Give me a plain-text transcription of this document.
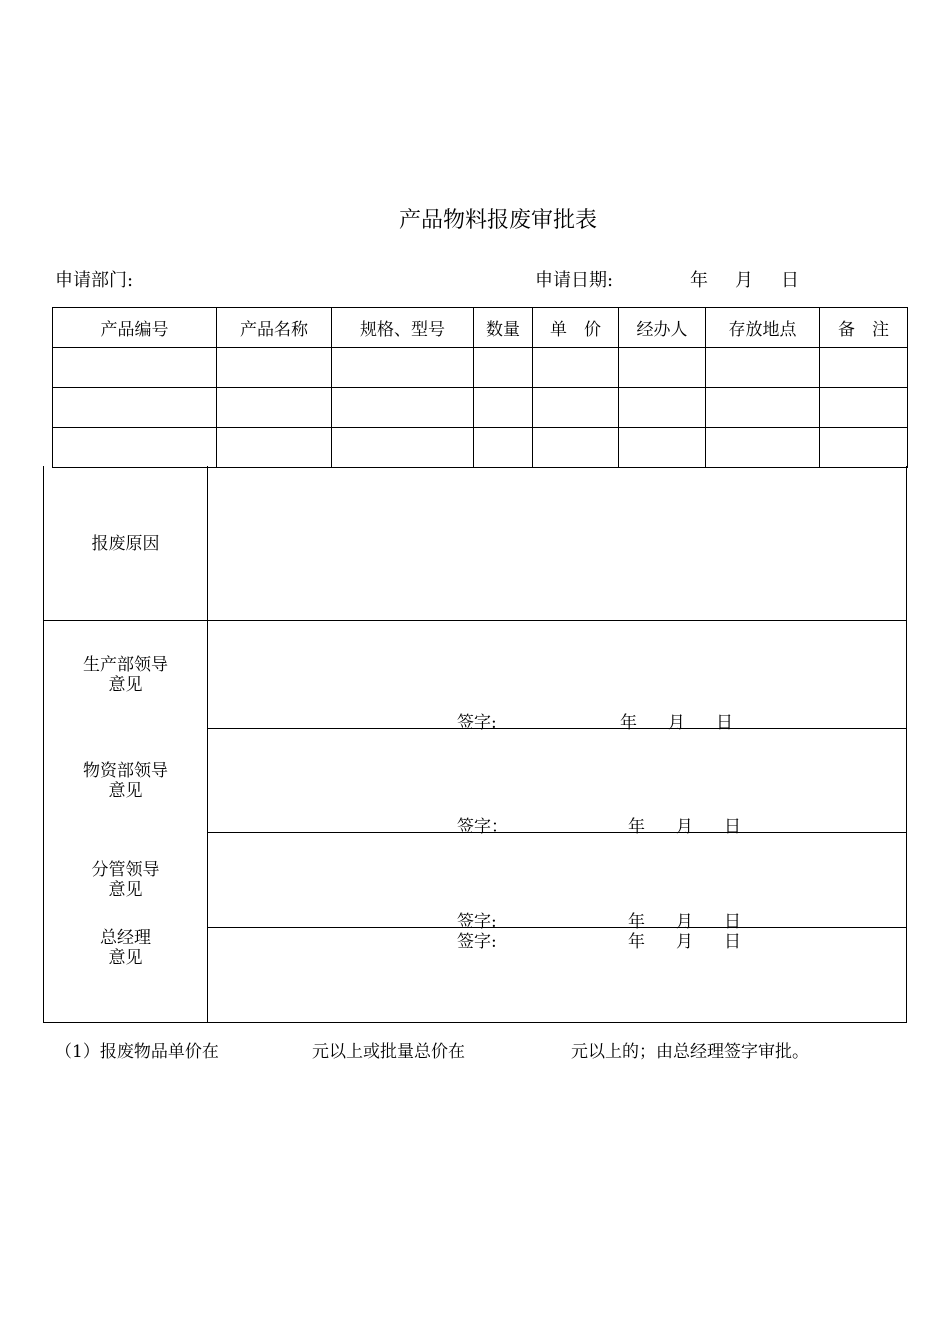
产品物料报废审批表
申请部门:	申请日期:	年 月 日
产品编号	产品名称	规格、型号	数量	单　价	经办人	存放地点	备　注

报废原因
生产部领导
意见
签字:	年 月 日
物资部领导
意见
签字：	年 月 日
分管领导
意见
签字:	年 月 日
总经理
意见
签字:	年 月 日
（1）报废物品单价在	元以上或批量总价在	元以上的；由总经理签字审批。
